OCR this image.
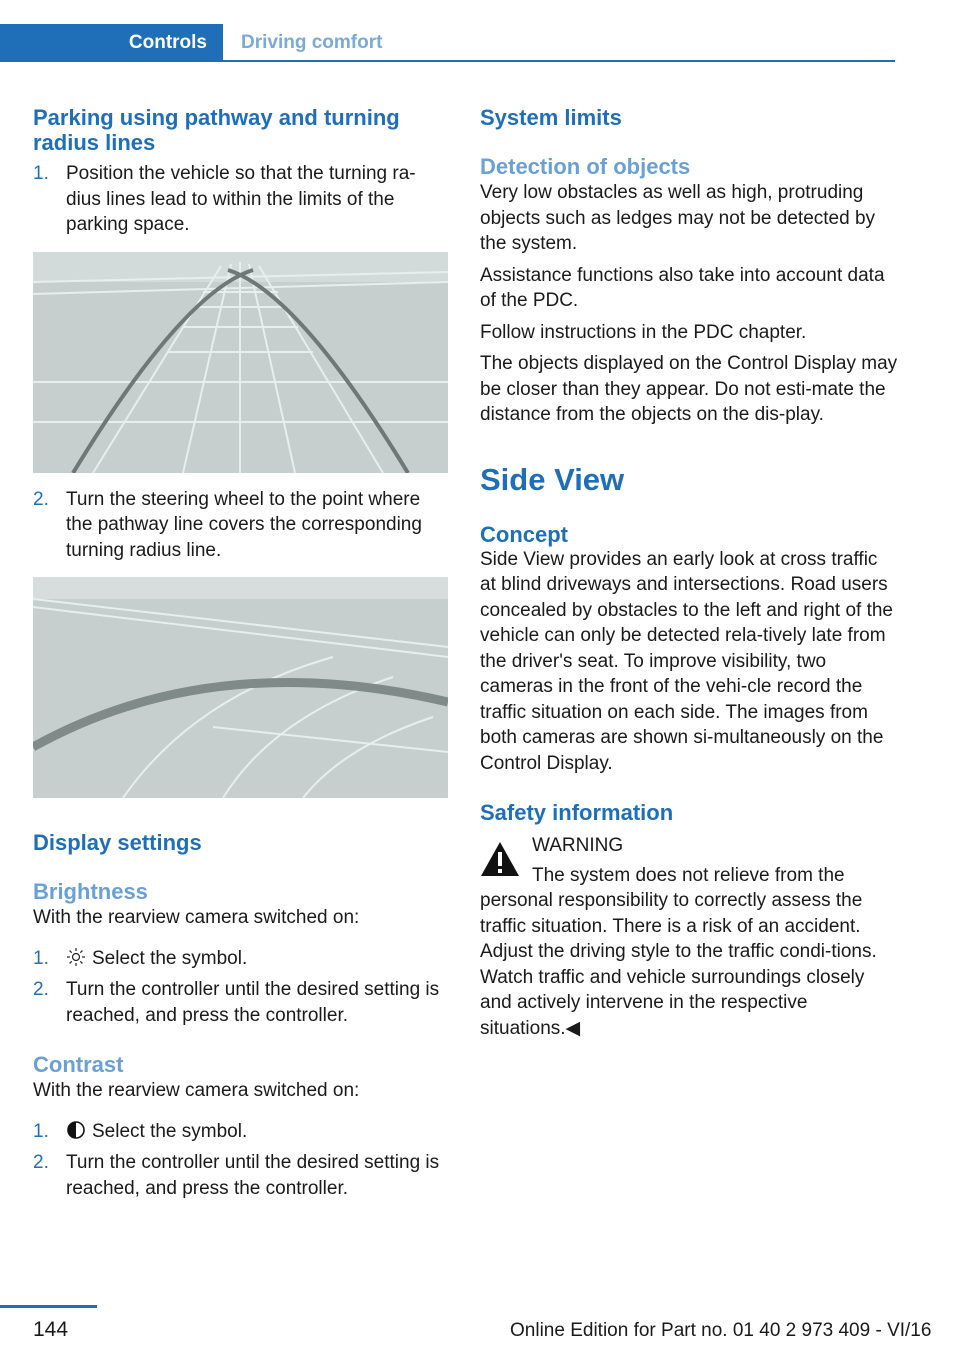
Controls	Driving comfort
Parking using pathway and turning radius lines
1. Position the vehicle so that the turning ra‐dius lines lead to within the limits of the parking space.
2. Turn the steering wheel to the point where the pathway line covers the corresponding turning radius line.
Display settings
Brightness

With the rearview camera switched on:

1. Select the symbol.
2. Turn the controller until the desired setting is reached, and press the controller.
Contrast

With the rearview camera switched on:

1. Select the symbol.
2. Turn the controller until the desired setting is reached, and press the controller.
System limits
Detection of objects

Very low obstacles as well as high, protruding objects such as ledges may not be detected by the system.

Assistance functions also take into account data of the PDC.

Follow instructions in the PDC chapter.

The objects displayed on the Control Display may be closer than they appear. Do not esti‐mate the distance from the objects on the dis‐play.

Side View
Concept

Side View provides an early look at cross traffic at blind driveways and intersections. Road users concealed by obstacles to the left and right of the vehicle can only be detected rela‐tively late from the driver's seat. To improve visibility, two cameras in the front of the vehi‐cle record the traffic situation on each side. The images from both cameras are shown si‐multaneously on the Control Display.

Safety information

WARNING

The system does not relieve from the personal responsibility to correctly assess the traffic situation. There is a risk of an accident. Adjust the driving style to the traffic condi‐tions. Watch traffic and vehicle surroundings closely and actively intervene in the respective situations.◀

144	Online Edition for Part no. 01 40 2 973 409 - VI/16
